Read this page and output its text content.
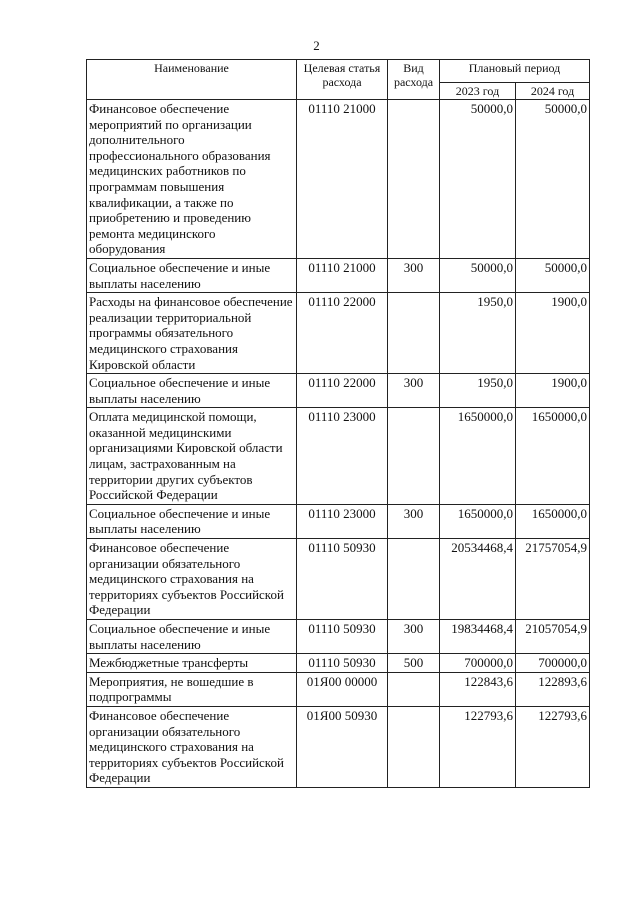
2
Наименование	Целевая статья расхода	Вид расхода	Плановый период	
			2023 год	2024 год
Финансовое обеспечение мероприятий по организации дополнительного профессионального образования медицинских работников по программам повышения квалификации, а также по приобретению и проведению ремонта медицинского оборудования	01110 21000		50000,0	50000,0
Социальное обеспечение и иные выплаты населению	01110 21000	300	50000,0	50000,0
Расходы на финансовое обеспечение реализации территориальной программы обязательного медицинского страхования Кировской области	01110 22000		1950,0	1900,0
Социальное обеспечение и иные выплаты населению	01110 22000	300	1950,0	1900,0
Оплата медицинской помощи, оказанной медицинскими организациями Кировской области лицам, застрахованным на территории других субъектов Российской Федерации	01110 23000		1650000,0	1650000,0
Социальное обеспечение и иные выплаты населению	01110 23000	300	1650000,0	1650000,0
Финансовое обеспечение организации обязательного медицинского страхования на территориях субъектов Российской Федерации	01110 50930		20534468,4	21757054,9
Социальное обеспечение и иные выплаты населению	01110 50930	300	19834468,4	21057054,9
Межбюджетные трансферты	01110 50930	500	700000,0	700000,0
Мероприятия, не вошедшие в подпрограммы	01Я00 00000		122843,6	122893,6
Финансовое обеспечение организации обязательного медицинского страхования на территориях субъектов Российской Федерации	01Я00 50930		122793,6	122793,6
